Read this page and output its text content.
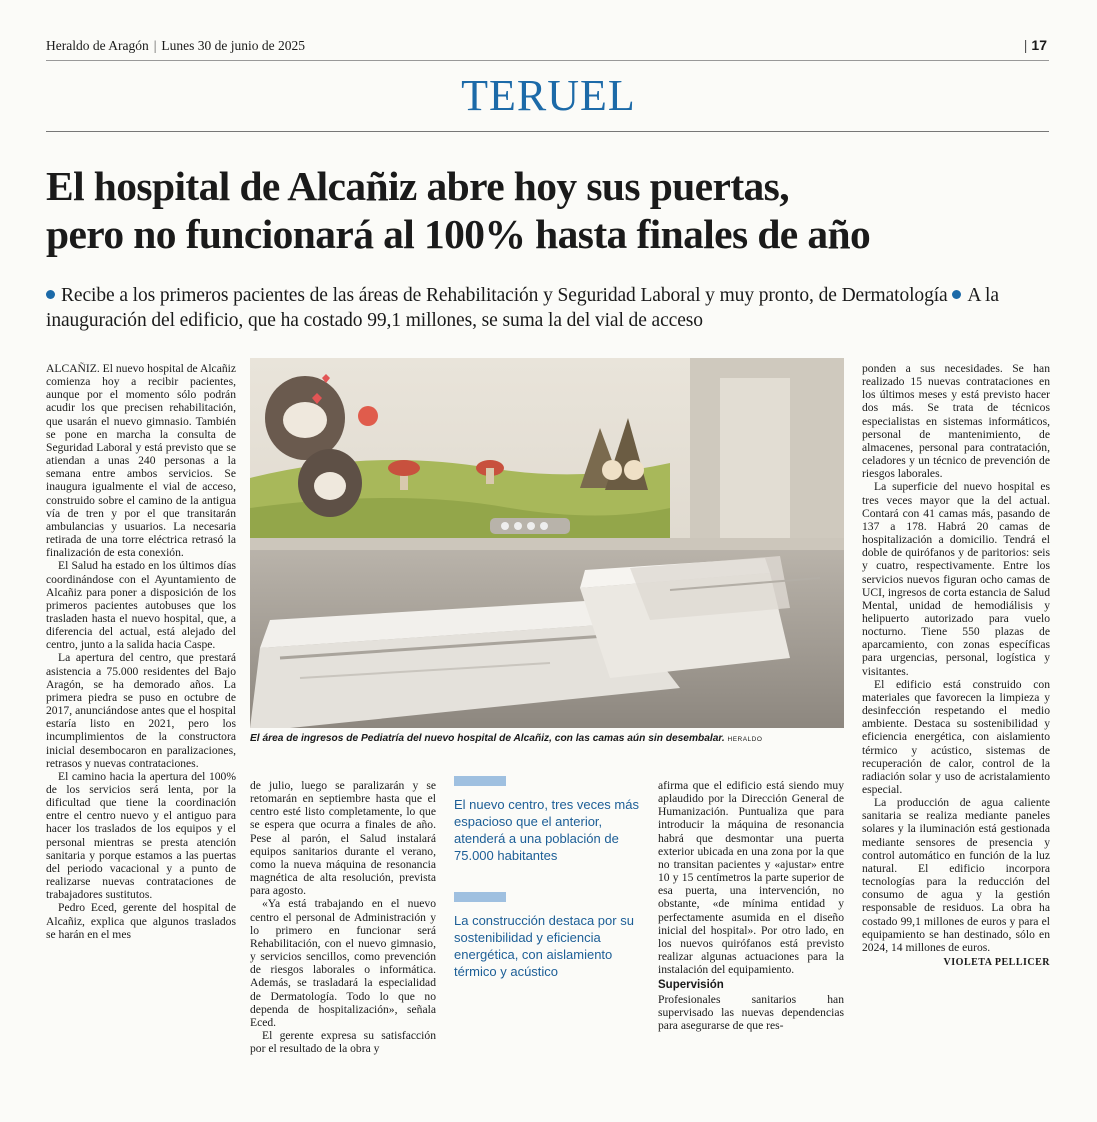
Heraldo de Aragón | Lunes 30 de junio de 2025	| 17
TERUEL
El hospital de Alcañiz abre hoy sus puertas,
pero no funcionará al 100% hasta finales de año
Recibe a los primeros pacientes de las áreas de Rehabilitación y Seguridad Laboral y muy pronto, de Dermatología A la inauguración del edificio, que ha costado 99,1 millones, se suma la del vial de acceso

ALCAÑIZ. El nuevo hospital de Alcañiz comienza hoy a recibir pacientes, aunque por el momento sólo podrán acudir los que precisen rehabilitación, que usarán el nuevo gimnasio. También se pone en marcha la consulta de Seguridad Laboral y está previsto que se atiendan a unas 240 personas a la semana entre ambos servicios. Se inaugura igualmente el vial de acceso, construido sobre el camino de la antigua vía de tren y por el que transitarán ambulancias y usuarios. La necesaria retirada de una torre eléctrica retrasó la finalización de esta conexión.

El Salud ha estado en los últimos días coordinándose con el Ayuntamiento de Alcañiz para poner a disposición de los primeros pacientes autobuses que los trasladen hasta el nuevo hospital, que, a diferencia del actual, está alejado del centro, junto a la salida hacia Caspe.

La apertura del centro, que prestará asistencia a 75.000 residentes del Bajo Aragón, se ha demorado años. La primera piedra se puso en octubre de 2017, anunciándose antes que el hospital estaría listo en 2021, pero los incumplimientos de la constructora inicial desembocaron en paralizaciones, retrasos y nuevas contrataciones.

El camino hacia la apertura del 100% de los servicios será lenta, por la dificultad que tiene la coordinación entre el centro nuevo y el antiguo para hacer los traslados de los equipos y el personal mientras se presta atención sanitaria y porque estamos a las puertas del periodo vacacional y a punto de realizarse nuevas contrataciones de trabajadores sustitutos.

Pedro Eced, gerente del hospital de Alcañiz, explica que algunos traslados se harán en el mes

El área de ingresos de Pediatría del nuevo hospital de Alcañiz, con las camas aún sin desembalar. HERALDO
El nuevo centro, tres veces más espacioso que el anterior, atenderá a una población de 75.000 habitantes
La construcción destaca por su sostenibilidad y eficiencia energética, con aislamiento térmico y acústico

de julio, luego se paralizarán y se retomarán en septiembre hasta que el centro esté listo completamente, lo que se espera que ocurra a finales de año. Pese al parón, el Salud instalará equipos sanitarios durante el verano, como la nueva máquina de resonancia magnética de alta resolución, prevista para agosto.

«Ya está trabajando en el nuevo centro el personal de Administración y lo primero en funcionar será Rehabilitación, con el nuevo gimnasio, y servicios sencillos, como prevención de riesgos laborales o informática. Además, se trasladará la especialidad de Dermatología. Todo lo que no dependa de hospitalización», señala Eced.

El gerente expresa su satisfacción por el resultado de la obra y

afirma que el edificio está siendo muy aplaudido por la Dirección General de Humanización. Puntualiza que para introducir la máquina de resonancia habrá que desmontar una puerta exterior ubicada en una zona por la que no transitan pacientes y «ajustar» entre 10 y 15 centímetros la parte superior de esa puerta, una intervención, no obstante, «de mínima entidad y perfectamente asumida en el diseño inicial del hospital». Por otro lado, en los nuevos quirófanos está previsto realizar algunas actuaciones para la instalación del equipamiento.

Supervisión

Profesionales sanitarios han supervisado las nuevas dependencias para asegurarse de que res-

ponden a sus necesidades. Se han realizado 15 nuevas contrataciones en los últimos meses y está previsto hacer dos más. Se trata de técnicos especialistas en sistemas informáticos, personal de mantenimiento, de almacenes, personal para contratación, celadores y un técnico de prevención de riesgos laborales.

La superficie del nuevo hospital es tres veces mayor que la del actual. Contará con 41 camas más, pasando de 137 a 178. Habrá 20 camas de hospitalización a domicilio. Tendrá el doble de quirófanos y de paritorios: seis y cuatro, respectivamente. Entre los servicios nuevos figuran ocho camas de UCI, ingresos de corta estancia de Salud Mental, unidad de hemodiálisis y helipuerto autorizado para vuelo nocturno. Tiene 550 plazas de aparcamiento, con zonas específicas para urgencias, personal, logística y visitantes.

El edificio está construido con materiales que favorecen la limpieza y desinfección respetando el medio ambiente. Destaca su sostenibilidad y eficiencia energética, con aislamiento térmico y acústico, sistemas de recuperación de calor, control de la radiación solar y uso de acristalamiento especial.

La producción de agua caliente sanitaria se realiza mediante paneles solares y la iluminación está gestionada mediante sensores de presencia y control automático en función de la luz natural. El edificio incorpora tecnologías para la reducción del consumo de agua y la gestión responsable de residuos. La obra ha costado 99,1 millones de euros y para el equipamiento se han destinado, sólo en 2024, 14 millones de euros.

VIOLETA PELLICER
